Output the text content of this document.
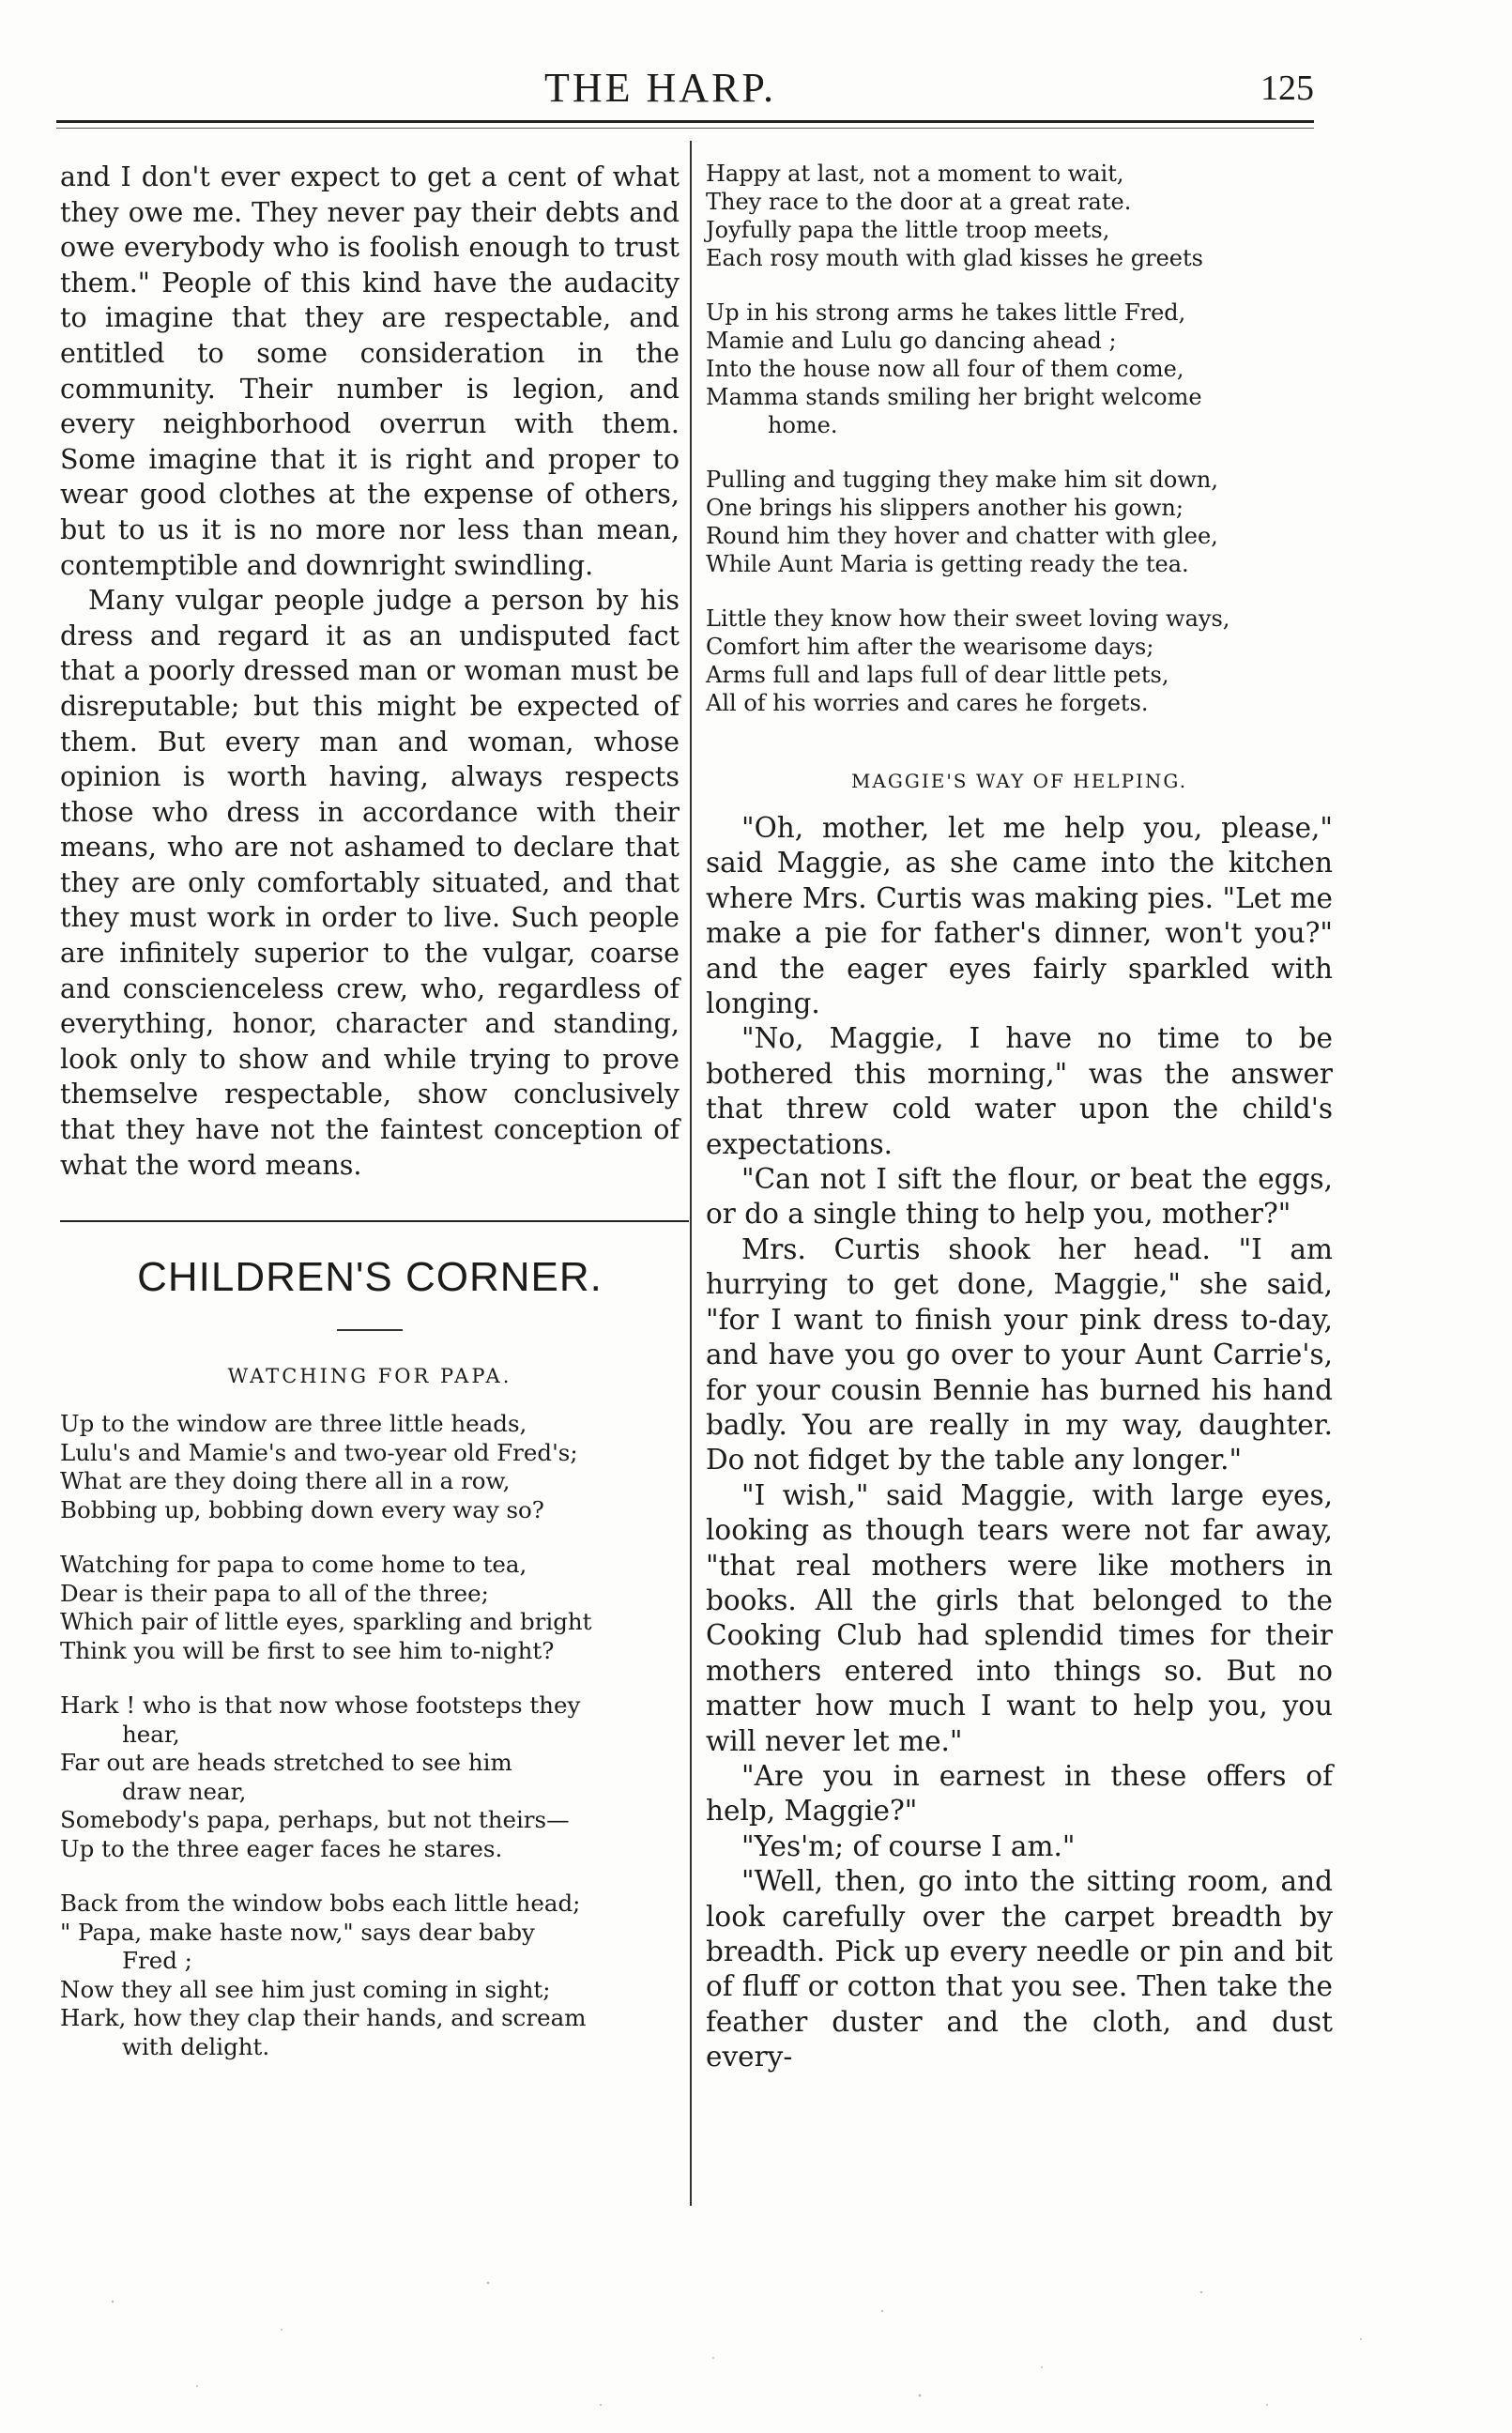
THE HARP.	125

and I don't ever expect to get a cent of what they owe me. They never pay their debts and owe everybody who is foolish enough to trust them." People of this kind have the audacity to imagine that they are respectable, and entitled to some consideration in the community. Their number is legion, and every neighborhood overrun with them. Some imagine that it is right and proper to wear good clothes at the expense of others, but to us it is no more nor less than mean, contemptible and downright swindling.

Many vulgar people judge a person by his dress and regard it as an undisputed fact that a poorly dressed man or woman must be disreputable; but this might be expected of them. But every man and woman, whose opinion is worth having, always respects those who dress in accordance with their means, who are not ashamed to declare that they are only comfortably situated, and that they must work in order to live. Such people are infinitely superior to the vulgar, coarse and conscienceless crew, who, regardless of everything, honor, character and standing, look only to show and while trying to prove themselve respectable, show conclusively that they have not the faintest conception of what the word means.

CHILDREN'S CORNER.
WATCHING FOR PAPA.
Up to the window are three little heads,
Lulu's and Mamie's and two-year old Fred's;
What are they doing there all in a row,
Bobbing up, bobbing down every way so?
Watching for papa to come home to tea,
Dear is their papa to all of the three;
Which pair of little eyes, sparkling and bright
Think you will be first to see him to-night?
Hark ! who is that now whose footsteps they
hear,
Far out are heads stretched to see him
draw near,
Somebody's papa, perhaps, but not theirs—
Up to the three eager faces he stares.
Back from the window bobs each little head;
" Papa, make haste now," says dear baby
Fred ;
Now they all see him just coming in sight;
Hark, how they clap their hands, and scream
with delight.
Happy at last, not a moment to wait,
They race to the door at a great rate.
Joyfully papa the little troop meets,
Each rosy mouth with glad kisses he greets
Up in his strong arms he takes little Fred,
Mamie and Lulu go dancing ahead ;
Into the house now all four of them come,
Mamma stands smiling her bright welcome
home.
Pulling and tugging they make him sit down,
One brings his slippers another his gown;
Round him they hover and chatter with glee,
While Aunt Maria is getting ready the tea.
Little they know how their sweet loving ways,
Comfort him after the wearisome days;
Arms full and laps full of dear little pets,
All of his worries and cares he forgets.
MAGGIE'S WAY OF HELPING.

"Oh, mother, let me help you, please," said Maggie, as she came into the kitchen where Mrs. Curtis was making pies. "Let me make a pie for father's dinner, won't you?" and the eager eyes fairly sparkled with longing.

"No, Maggie, I have no time to be bothered this morning," was the answer that threw cold water upon the child's expectations.

"Can not I sift the flour, or beat the eggs, or do a single thing to help you, mother?"

Mrs. Curtis shook her head. "I am hurrying to get done, Maggie," she said, "for I want to finish your pink dress to-day, and have you go over to your Aunt Carrie's, for your cousin Bennie has burned his hand badly. You are really in my way, daughter. Do not fidget by the table any longer."

"I wish," said Maggie, with large eyes, looking as though tears were not far away, "that real mothers were like mothers in books. All the girls that belonged to the Cooking Club had splendid times for their mothers entered into things so. But no matter how much I want to help you, you will never let me."

"Are you in earnest in these offers of help, Maggie?"

"Yes'm; of course I am."

"Well, then, go into the sitting room, and look carefully over the carpet breadth by breadth. Pick up every needle or pin and bit of fluff or cotton that you see. Then take the feather duster and the cloth, and dust every-
